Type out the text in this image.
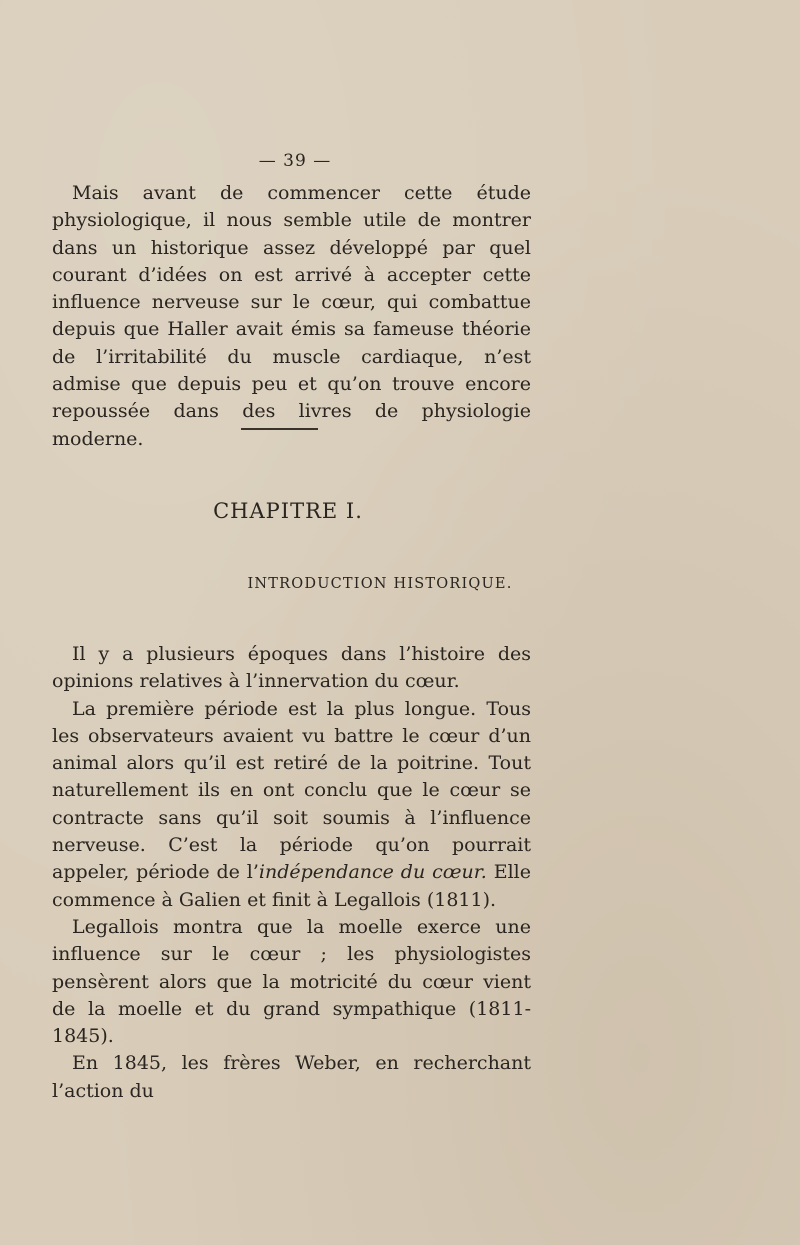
— 39 —

Mais avant de commencer cette étude physiologique, il nous semble utile de montrer dans un historique assez développé par quel courant d’idées on est arrivé à accepter cette influence nerveuse sur le cœur, qui combattue depuis que Haller avait émis sa fameuse théorie de l’irritabilité du muscle cardiaque, n’est admise que depuis peu et qu’on trouve encore repoussée dans des livres de physiologie moderne.

CHAPITRE I.
INTRODUCTION HISTORIQUE.

Il y a plusieurs époques dans l’histoire des opinions relatives à l’innervation du cœur.

La première période est la plus longue. Tous les observateurs avaient vu battre le cœur d’un animal alors qu’il est retiré de la poitrine. Tout naturellement ils en ont conclu que le cœur se contracte sans qu’il soit soumis à l’influence nerveuse. C’est la période qu’on pourrait appeler, période de l’indépendance du cœur. Elle commence à Galien et finit à Legallois (1811).

Legallois montra que la moelle exerce une influence sur le cœur ; les physiologistes pensèrent alors que la motricité du cœur vient de la moelle et du grand sympathique (1811-1845).

En 1845, les frères Weber, en recherchant l’action du
